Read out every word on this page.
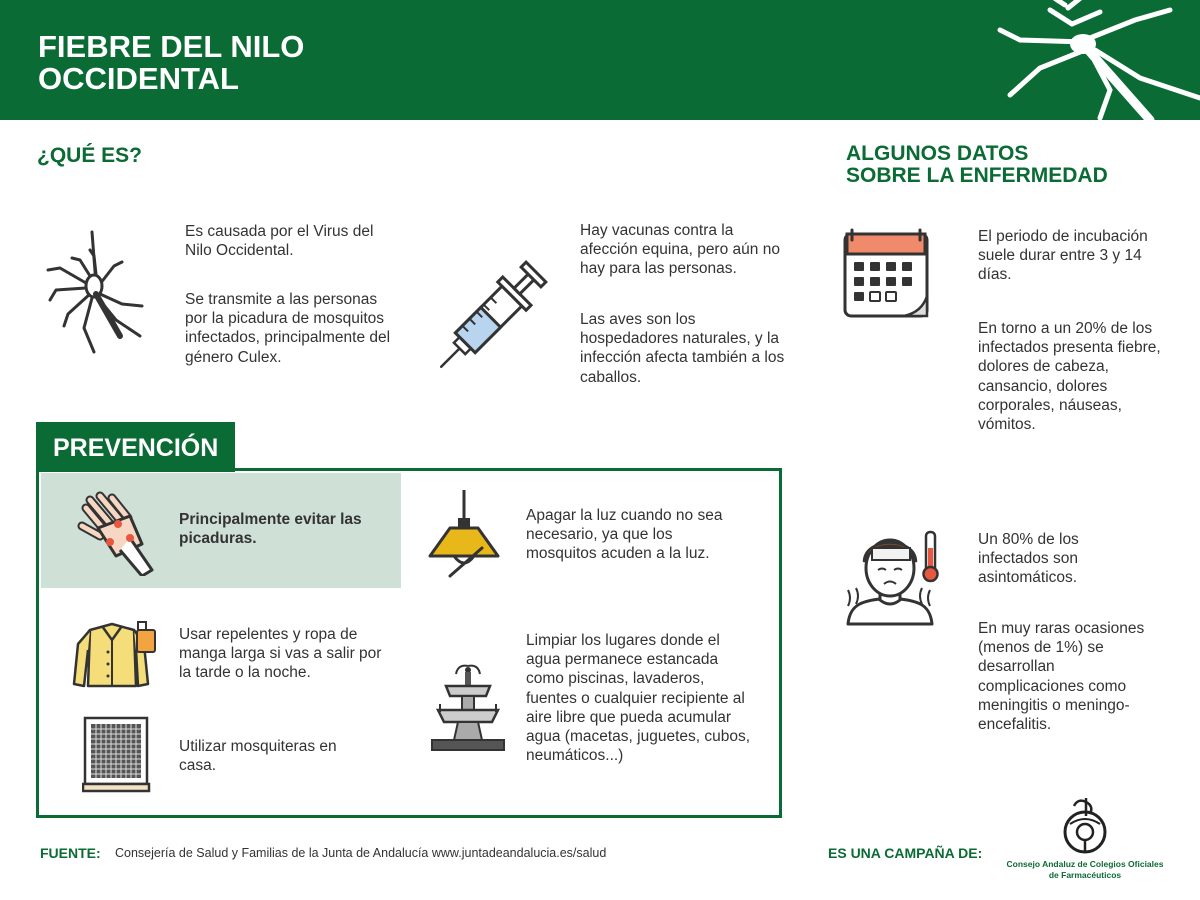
FIEBRE DEL NILO
OCCIDENTAL
¿QUÉ ES?
Es causada por el Virus del Nilo Occidental.
Se transmite a las personas por la picadura de mosquitos infectados, principalmente del género Culex.
Hay vacunas contra la afección equina, pero aún no hay para las personas.
Las aves son los hospedadores naturales, y la infección afecta también a los caballos.
ALGUNOS DATOS
SOBRE LA ENFERMEDAD
El periodo de incubación suele durar entre 3 y 14 días.
En torno a un 20% de los infectados presenta fiebre, dolores de cabeza, cansancio, dolores corporales, náuseas, vómitos.
Un 80% de los infectados son asintomáticos.
En muy raras ocasiones (menos de 1%) se desarrollan complicaciones como meningitis o meningo-encefalitis.
PREVENCIÓN
Principalmente evitar las picaduras.
Apagar la luz cuando no sea necesario, ya que los mosquitos acuden a la luz.
Usar repelentes y ropa de manga larga si vas a salir por la tarde o la noche.
Utilizar mosquiteras en casa.
Limpiar los lugares donde el agua permanece estancada como piscinas, lavaderos, fuentes o cualquier recipiente al aire libre que pueda acumular agua (macetas, juguetes, cubos, neumáticos...)
FUENTE: Consejería de Salud y Familias de la Junta de Andalucía www.juntadeandalucia.es/salud	ES UNA CAMPAÑA DE:
Consejo Andaluz de Colegios Oficiales
de Farmacéuticos
